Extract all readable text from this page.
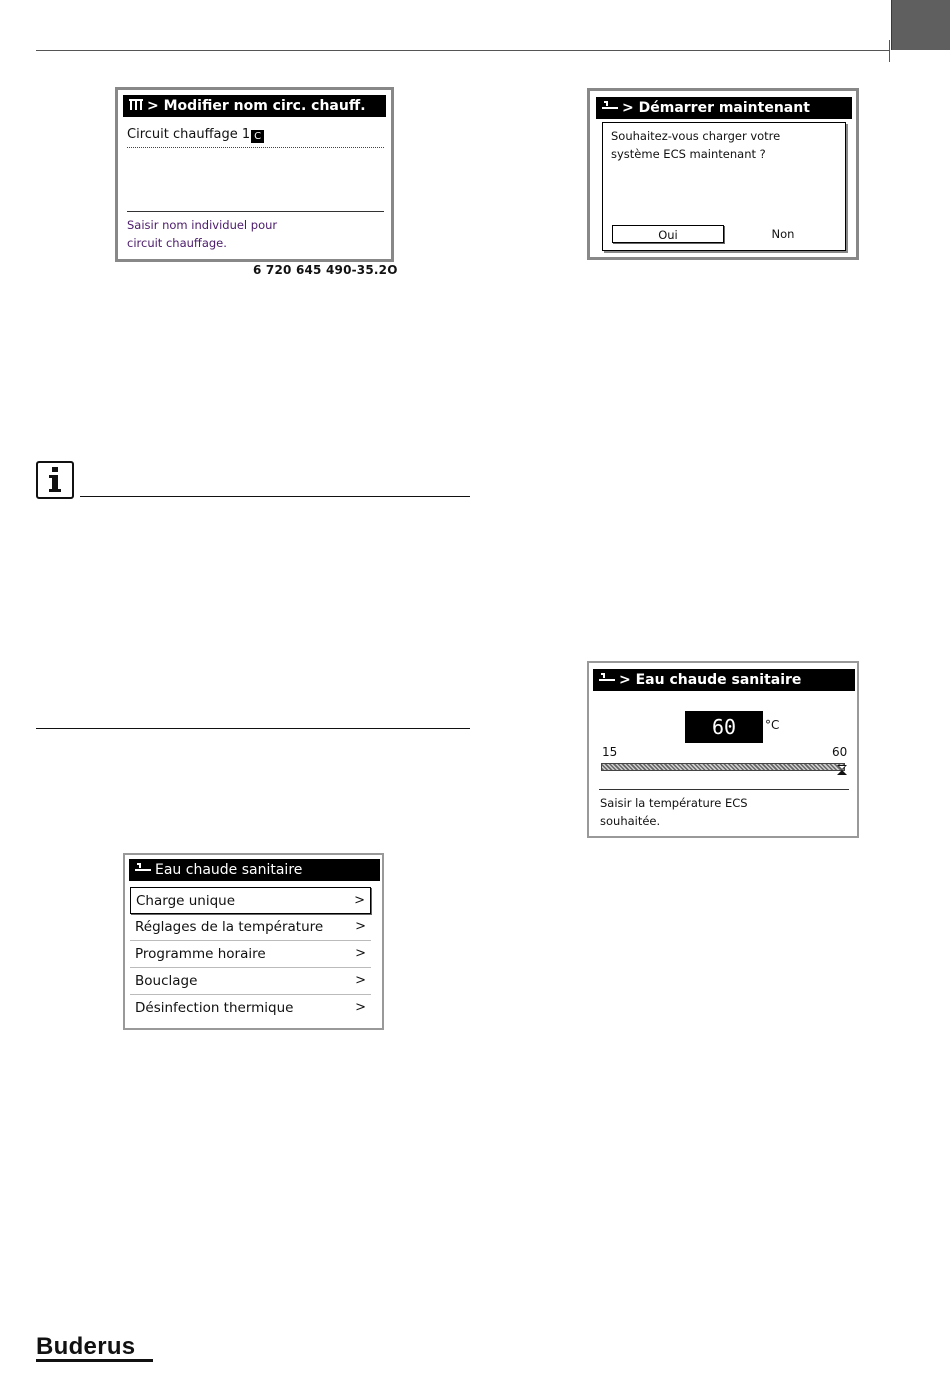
> Modifier nom circ. chauff.
Circuit chauffage 1 C
Saisir nom individuel pour
circuit chauffage.
6 720 645 490-35.2O
> Démarrer maintenant
Souhaitez-vous charger votre
système ECS maintenant ?
Oui	Non
Eau chaude sanitaire
Charge unique	>
Réglages de la température >
Programme horaire	>
Bouclage	>
Désinfection thermique	>
> Eau chaude sanitaire
60	°C
15	60
Saisir la température ECS
souhaitée.
Buderus
